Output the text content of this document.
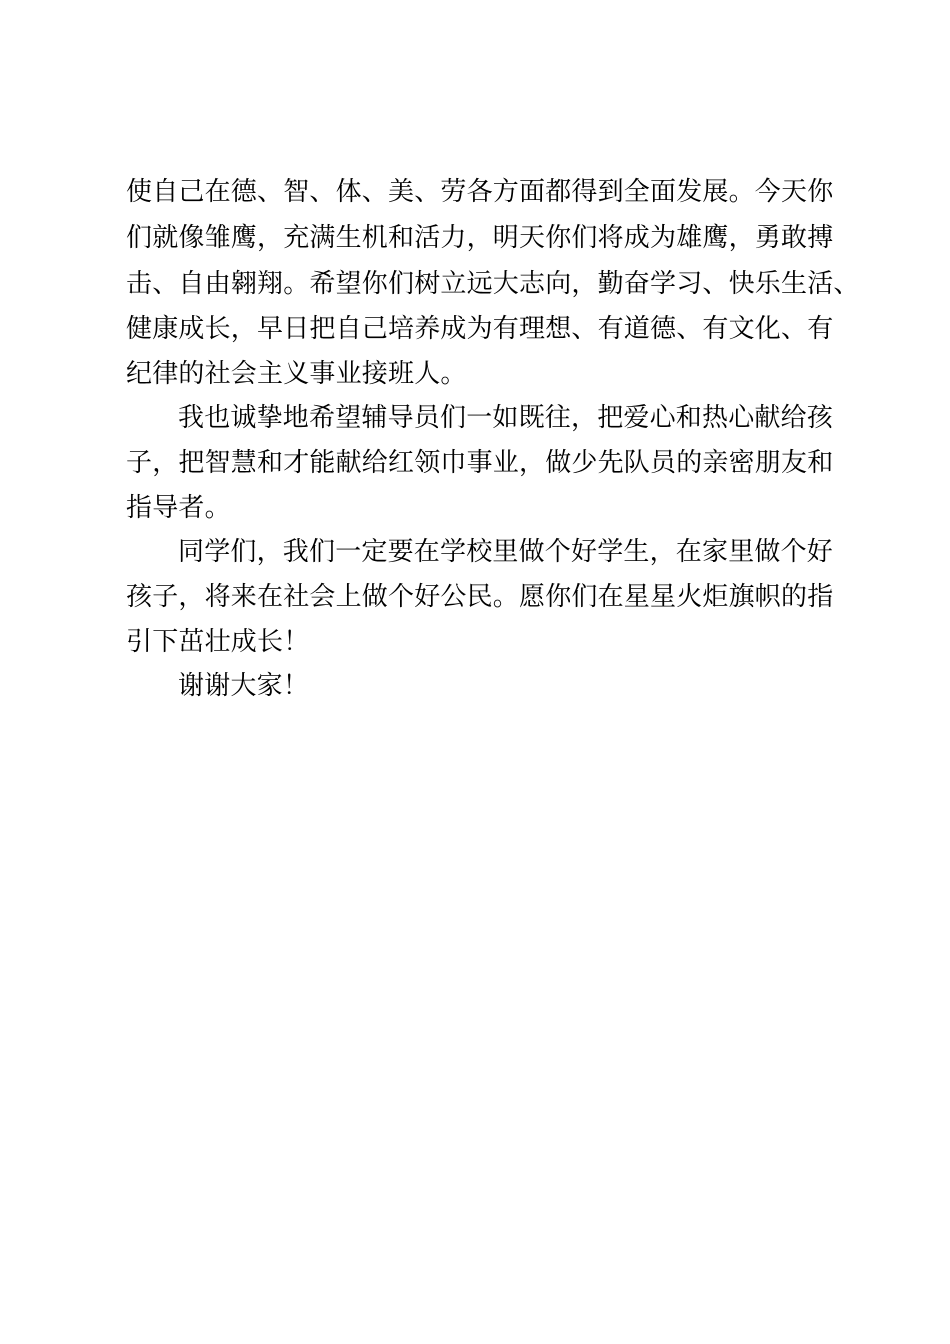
使自己在德、智、体、美、劳各方面都得到全面发展。今天你
们就像雏鹰，充满生机和活力，明天你们将成为雄鹰，勇敢搏
击、自由翱翔。希望你们树立远大志向，勤奋学习、快乐生活、
健康成长，早日把自己培养成为有理想、有道德、有文化、有
纪律的社会主义事业接班人。
我也诚挚地希望辅导员们一如既往，把爱心和热心献给孩
子，把智慧和才能献给红领巾事业，做少先队员的亲密朋友和
指导者。
同学们，我们一定要在学校里做个好学生，在家里做个好
孩子，将来在社会上做个好公民。愿你们在星星火炬旗帜的指
引下茁壮成长！
谢谢大家！
